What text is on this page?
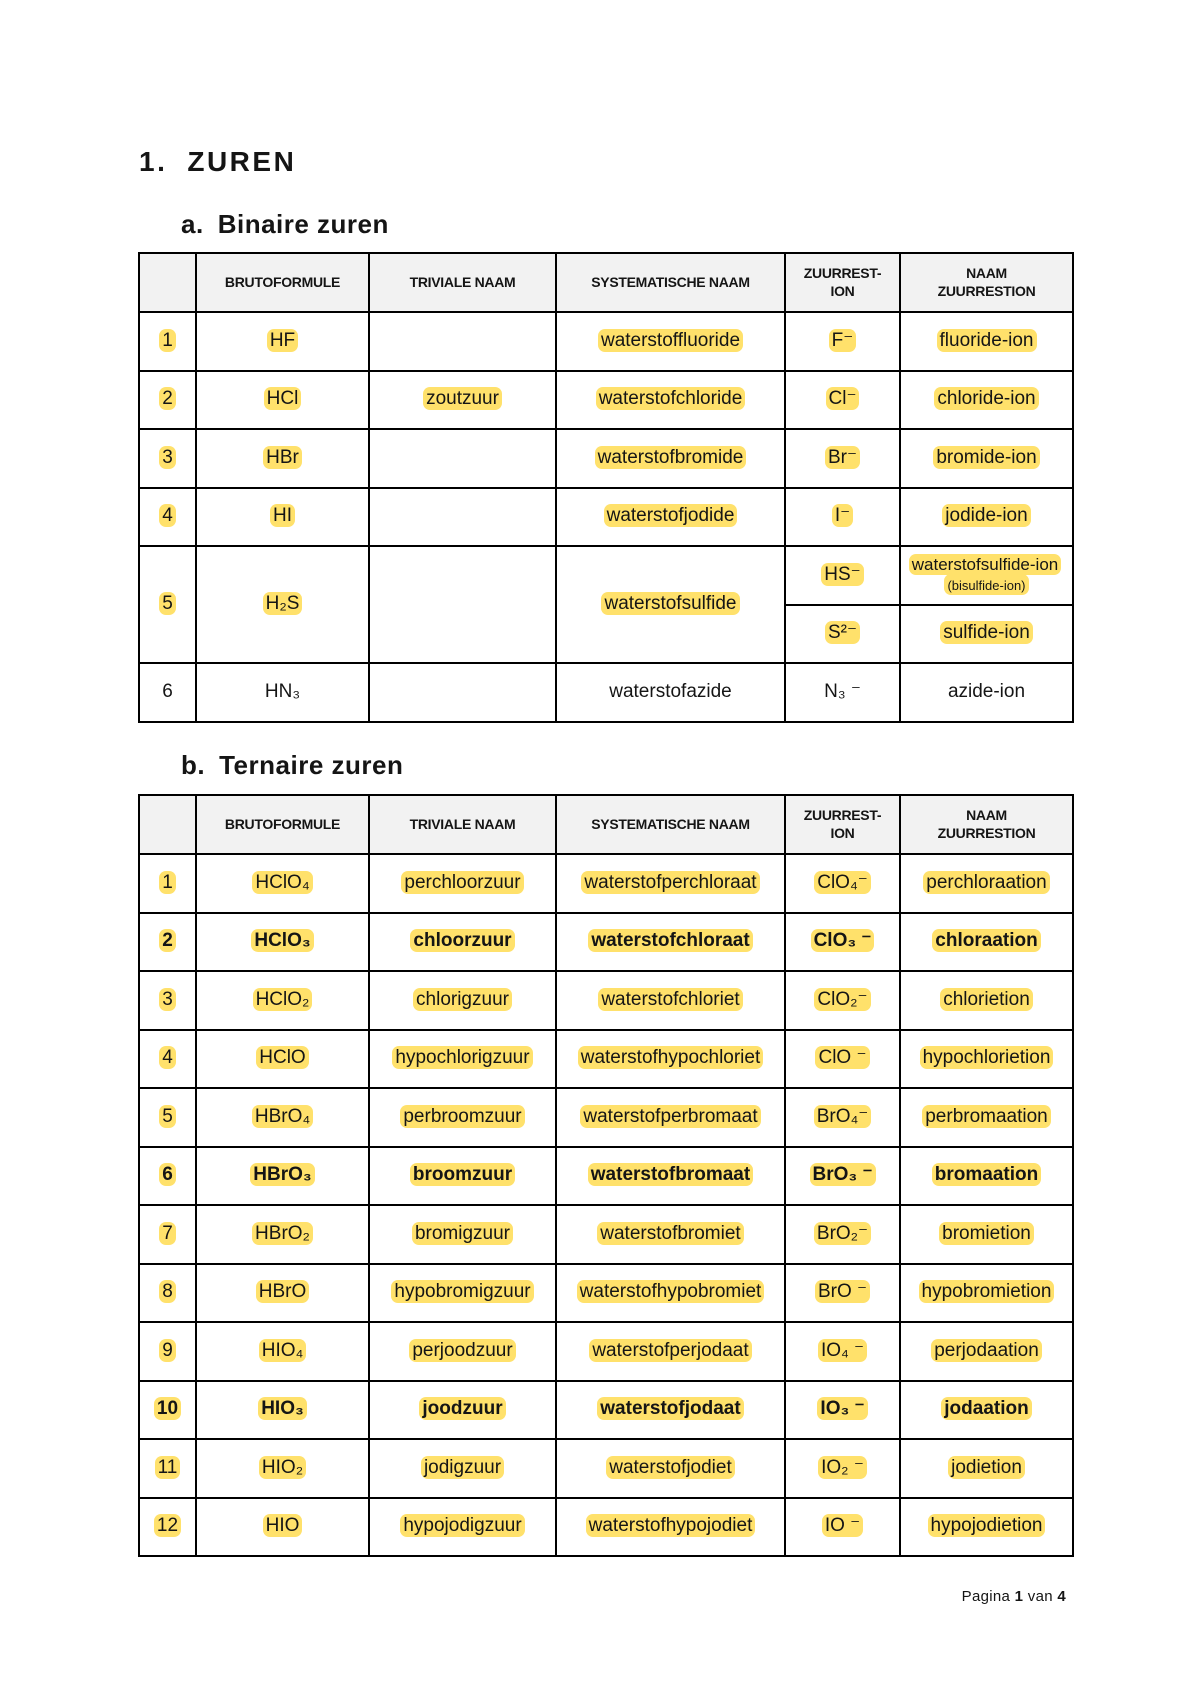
1. ZUREN
a. Binaire zuren
	BRUTOFORMULE	TRIVIALE NAAM	SYSTEMATISCHE NAAM	ZUURREST-ION	NAAM ZUURRESTION
1	HF		waterstoffluoride	F⁻	fluoride-ion
2	HCl	zoutzuur	waterstofchloride	Cl⁻	chloride-ion
3	HBr		waterstofbromide	Br⁻	bromide-ion
4	HI		waterstofjodide	I⁻	jodide-ion
5	H₂S		waterstofsulfide	HS⁻	waterstofsulfide-ion (bisulfide-ion)
				S²⁻	sulfide-ion
6	HN₃		waterstofazide	N₃ ⁻	azide-ion
b. Ternaire zuren
	BRUTOFORMULE	TRIVIALE NAAM	SYSTEMATISCHE NAAM	ZUURREST-ION	NAAM ZUURRESTION
1	HClO₄	perchloorzuur	waterstofperchloraat	ClO₄⁻	perchloraation
2	HClO₃	chloorzuur	waterstofchloraat	ClO₃ ⁻	chloraation
3	HClO₂	chlorigzuur	waterstofchloriet	ClO₂⁻	chlorietion
4	HClO	hypochlorigzuur	waterstofhypochloriet	ClO ⁻	hypochlorietion
5	HBrO₄	perbroomzuur	waterstofperbromaat	BrO₄⁻	perbromaation
6	HBrO₃	broomzuur	waterstofbromaat	BrO₃ ⁻	bromaation
7	HBrO₂	bromigzuur	waterstofbromiet	BrO₂⁻	bromietion
8	HBrO	hypobromigzuur	waterstofhypobromiet	BrO ⁻	hypobromietion
9	HIO₄	perjoodzuur	waterstofperjodaat	IO₄ ⁻	perjodaation
10	HIO₃	joodzuur	waterstofjodaat	IO₃ ⁻	jodaation
11	HIO₂	jodigzuur	waterstofjodiet	IO₂ ⁻	jodietion
12	HIO	hypojodigzuur	waterstofhypojodiet	IO ⁻	hypojodietion
Pagina 1 van 4
